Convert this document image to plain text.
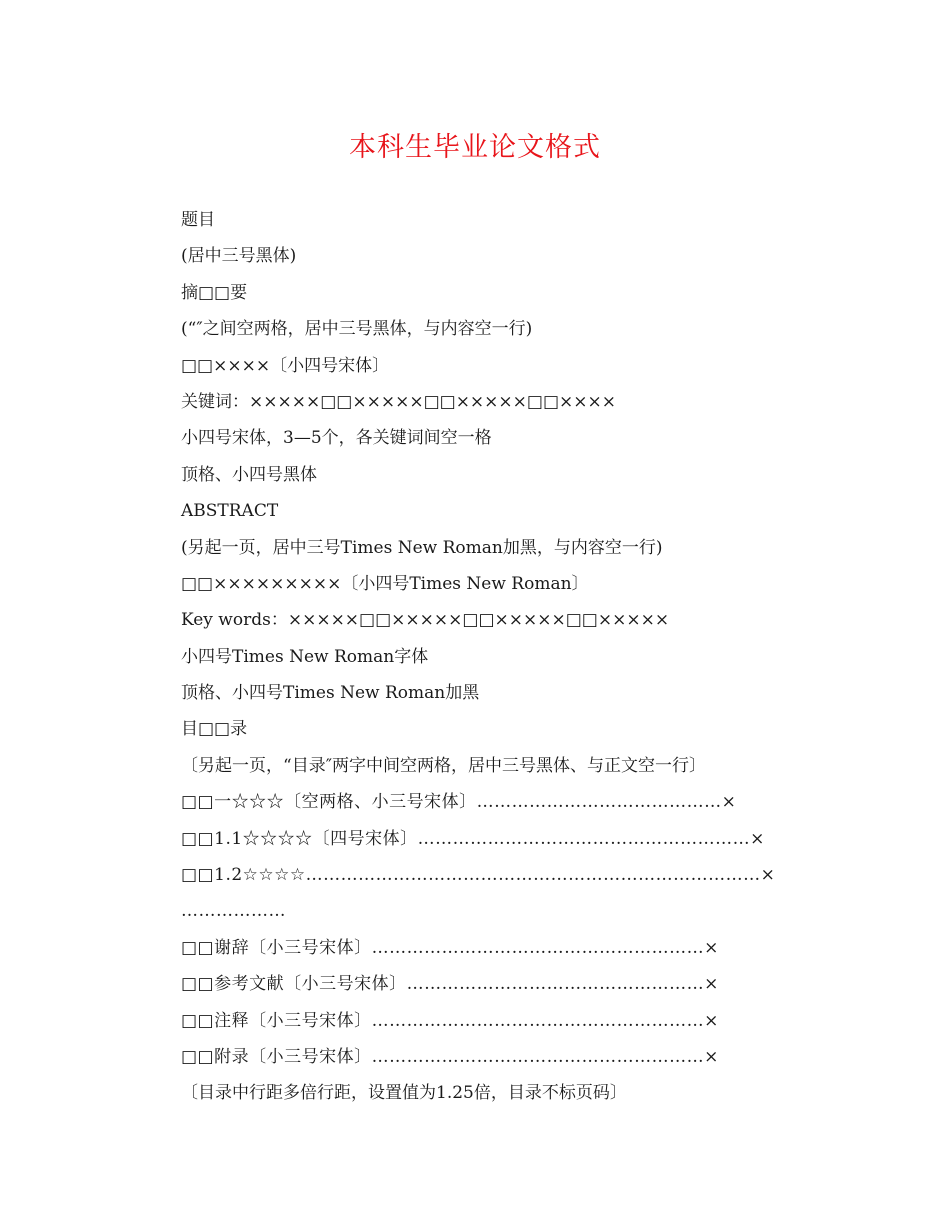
本科生毕业论文格式
题目
(居中三号黑体)
摘□□要
(“″之间空两格，居中三号黑体，与内容空一行)
□□××××〔小四号宋体〕
关键词：×××××□□×××××□□×××××□□××××
小四号宋体，3—5个，各关键词间空一格
顶格、小四号黑体
ABSTRACT
(另起一页，居中三号Times New Roman加黑，与内容空一行)
□□×××××××××〔小四号Times New Roman〕
Key words：×××××□□×××××□□×××××□□×××××
小四号Times New Roman字体
顶格、小四号Times New Roman加黑
目□□录
〔另起一页，“目录″两字中间空两格，居中三号黑体、与正文空一行〕
□□一☆☆☆〔空两格、小三号宋体〕……………………………………×
□□1.1☆☆☆☆〔四号宋体〕…………………………………………………×
□□1.2☆☆☆☆……………………………………………………………………×
………………
□□谢辞〔小三号宋体〕…………………………………………………×
□□参考文献〔小三号宋体〕……………………………………………×
□□注释〔小三号宋体〕…………………………………………………×
□□附录〔小三号宋体〕…………………………………………………×
〔目录中行距多倍行距，设置值为1.25倍，目录不标页码〕
